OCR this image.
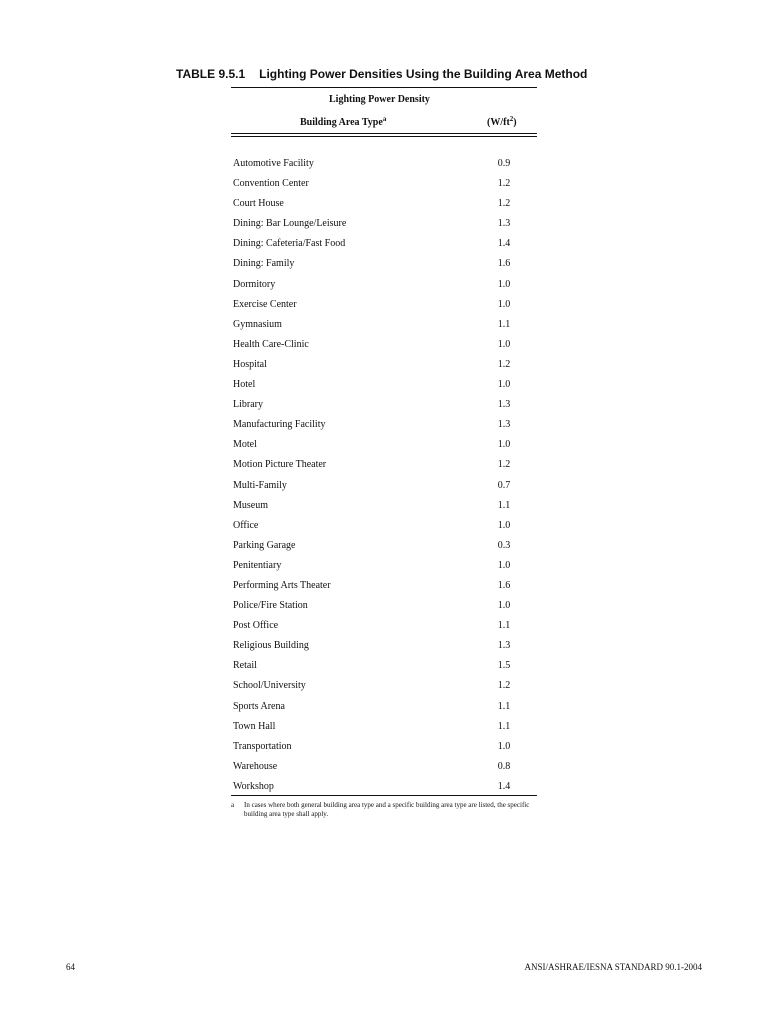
TABLE 9.5.1 Lighting Power Densities Using the Building Area Method
Lighting Power Density
Building Area Type$^a$	$(W/ft^2)$
Automotive Facility	0.9
Convention Center	1.2
Court House	1.2
Dining: Bar Lounge/Leisure	1.3
Dining: Cafeteria/Fast Food	1.4
Dining: Family	1.6
Dormitory	1.0
Exercise Center	1.0
Gymnasium	1.1
Health Care-Clinic	1.0
Hospital	1.2
Hotel	1.0
Library	1.3
Manufacturing Facility	1.3
Motel	1.0
Motion Picture Theater	1.2
Multi-Family	0.7
Museum	1.1
Office	1.0
Parking Garage	0.3
Penitentiary	1.0
Performing Arts Theater	1.6
Police/Fire Station	1.0
Post Office	1.1
Religious Building	1.3
Retail	1.5
School/University	1.2
Sports Arena	1.1
Town Hall	1.1
Transportation	1.0
Warehouse	0.8
Workshop	1.4
a	In cases where both general building area type and a specific building area type are listed, the specific building area type shall apply.
64	ANSI/ASHRAE/IESNA STANDARD 90.1-2004
